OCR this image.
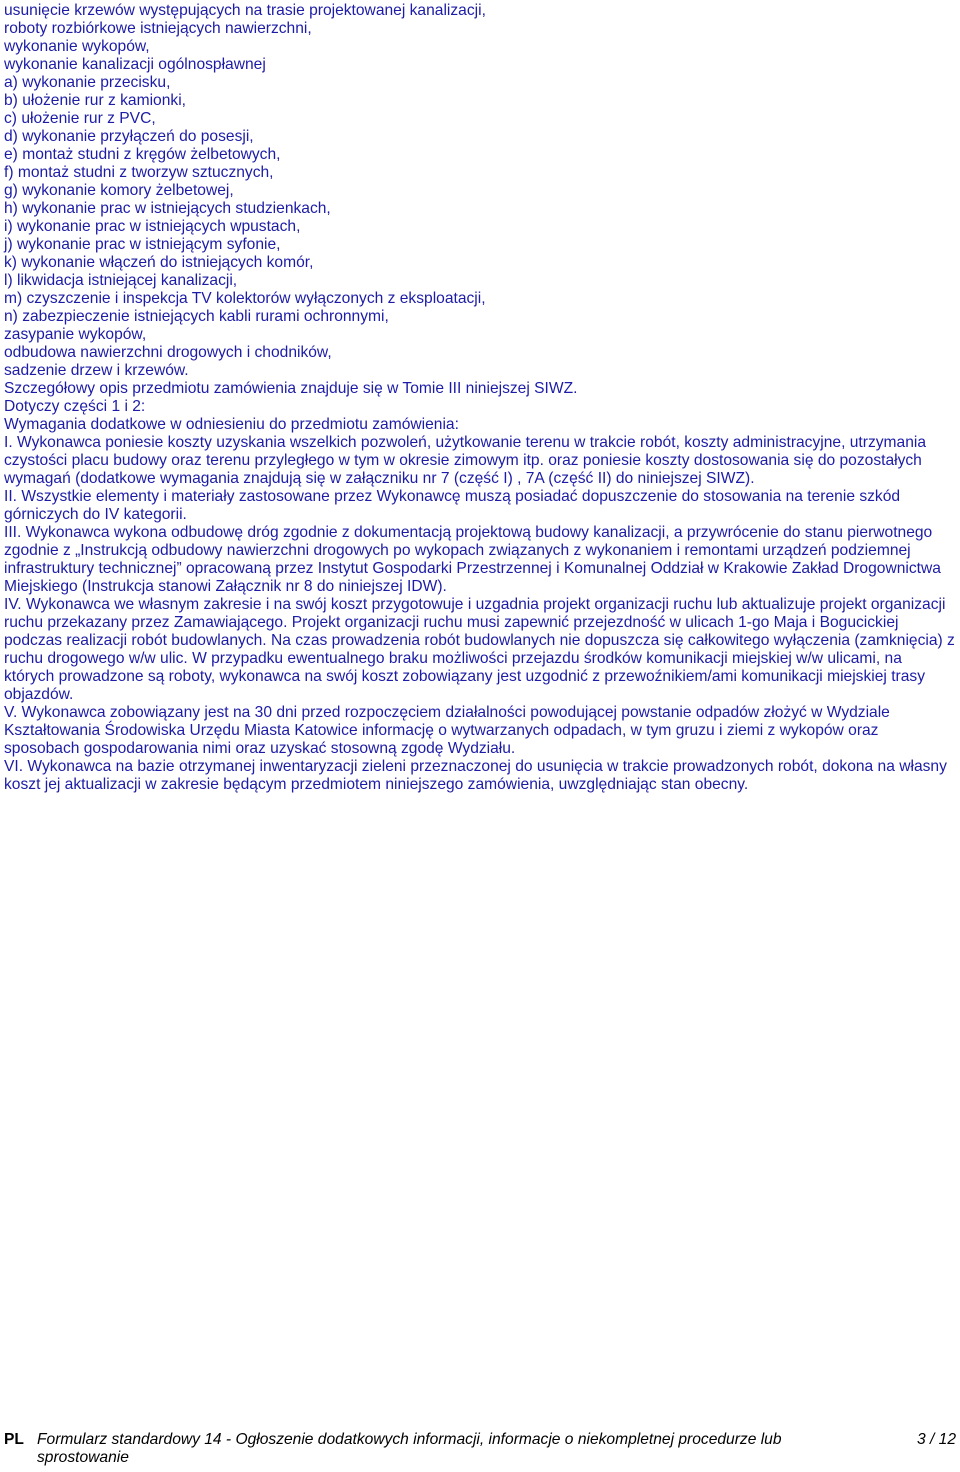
usunięcie krzewów występujących na trasie projektowanej kanalizacji,

roboty rozbiórkowe istniejących nawierzchni,

wykonanie wykopów,

wykonanie kanalizacji ogólnospławnej

a) wykonanie przecisku,

b) ułożenie rur z kamionki,

c) ułożenie rur z PVC,

d) wykonanie przyłączeń do posesji,

e) montaż studni z kręgów żelbetowych,

f) montaż studni z tworzyw sztucznych,

g) wykonanie komory żelbetowej,

h) wykonanie prac w istniejących studzienkach,

i) wykonanie prac w istniejących wpustach,

j) wykonanie prac w istniejącym syfonie,

k) wykonanie włączeń do istniejących komór,

l) likwidacja istniejącej kanalizacji,

m) czyszczenie i inspekcja TV kolektorów wyłączonych z eksploatacji,

n) zabezpieczenie istniejących kabli rurami ochronnymi,

zasypanie wykopów,

odbudowa nawierzchni drogowych i chodników,

sadzenie drzew i krzewów.

Szczegółowy opis przedmiotu zamówienia znajduje się w Tomie III niniejszej SIWZ.

Dotyczy części 1 i 2:

Wymagania dodatkowe w odniesieniu do przedmiotu zamówienia:

I. Wykonawca poniesie koszty uzyskania wszelkich pozwoleń, użytkowanie terenu w trakcie robót, koszty administracyjne, utrzymania czystości placu budowy oraz terenu przyległego w tym w okresie zimowym itp. oraz poniesie koszty dostosowania się do pozostałych wymagań (dodatkowe wymagania znajdują się w załączniku nr 7 (część I) , 7A (część II) do niniejszej SIWZ).

II. Wszystkie elementy i materiały zastosowane przez Wykonawcę muszą posiadać dopuszczenie do stosowania na terenie szkód górniczych do IV kategorii.

III. Wykonawca wykona odbudowę dróg zgodnie z dokumentacją projektową budowy kanalizacji, a przywrócenie do stanu pierwotnego zgodnie z „Instrukcją odbudowy nawierzchni drogowych po wykopach związanych z wykonaniem i remontami urządzeń podziemnej infrastruktury technicznej” opracowaną przez Instytut Gospodarki Przestrzennej i Komunalnej Oddział w Krakowie Zakład Drogownictwa Miejskiego (Instrukcja stanowi Załącznik nr 8 do niniejszej IDW).

IV. Wykonawca we własnym zakresie i na swój koszt przygotowuje i uzgadnia projekt organizacji ruchu lub aktualizuje projekt organizacji ruchu przekazany przez Zamawiającego. Projekt organizacji ruchu musi zapewnić przejezdność w ulicach 1-go Maja i Bogucickiej podczas realizacji robót budowlanych. Na czas prowadzenia robót budowlanych nie dopuszcza się całkowitego wyłączenia (zamknięcia) z ruchu drogowego w/w ulic. W przypadku ewentualnego braku możliwości przejazdu środków komunikacji miejskiej w/w ulicami, na których prowadzone są roboty, wykonawca na swój koszt zobowiązany jest uzgodnić z przewoźnikiem/ami komunikacji miejskiej trasy objazdów.

V. Wykonawca zobowiązany jest na 30 dni przed rozpoczęciem działalności powodującej powstanie odpadów złożyć w Wydziale Kształtowania Środowiska Urzędu Miasta Katowice informację o wytwarzanych odpadach, w tym gruzu i ziemi z wykopów oraz sposobach gospodarowania nimi oraz uzyskać stosowną zgodę Wydziału.

VI. Wykonawca na bazie otrzymanej inwentaryzacji zieleni przeznaczonej do usunięcia w trakcie prowadzonych robót, dokona na własny koszt jej aktualizacji w zakresie będącym przedmiotem niniejszego zamówienia, uwzględniając stan obecny.

PL Formularz standardowy 14 - Ogłoszenie dodatkowych informacji, informacje o niekompletnej procedurze lub sprostowanie
3 / 12
